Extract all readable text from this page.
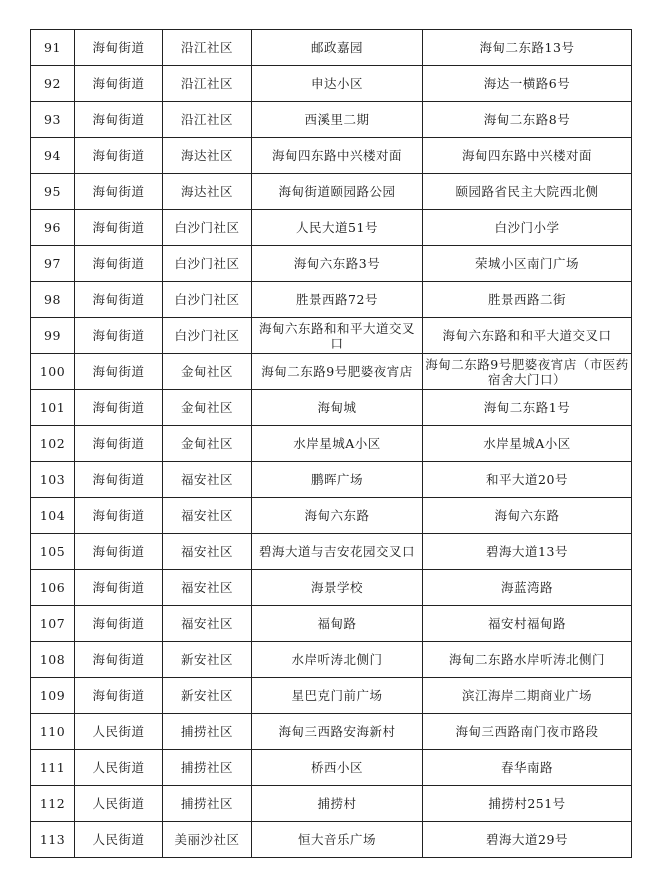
91	海甸街道	沿江社区	邮政嘉园	海甸二东路13号
92	海甸街道	沿江社区	申达小区	海达一横路6号
93	海甸街道	沿江社区	西溪里二期	海甸二东路8号
94	海甸街道	海达社区	海甸四东路中兴楼对面	海甸四东路中兴楼对面
95	海甸街道	海达社区	海甸街道颐园路公园	颐园路省民主大院西北侧
96	海甸街道	白沙门社区	人民大道51号	白沙门小学
97	海甸街道	白沙门社区	海甸六东路3号	荣城小区南门广场
98	海甸街道	白沙门社区	胜景西路72号	胜景西路二街
99	海甸街道	白沙门社区	海甸六东路和和平大道交叉口	海甸六东路和和平大道交叉口
100	海甸街道	金甸社区	海甸二东路9号肥婆夜宵店	海甸二东路9号肥婆夜宵店（市医药宿舍大门口）
101	海甸街道	金甸社区	海甸城	海甸二东路1号
102	海甸街道	金甸社区	水岸星城A小区	水岸星城A小区
103	海甸街道	福安社区	鹏晖广场	和平大道20号
104	海甸街道	福安社区	海甸六东路	海甸六东路
105	海甸街道	福安社区	碧海大道与吉安花园交叉口	碧海大道13号
106	海甸街道	福安社区	海景学校	海蓝湾路
107	海甸街道	福安社区	福甸路	福安村福甸路
108	海甸街道	新安社区	水岸听涛北侧门	海甸二东路水岸听涛北侧门
109	海甸街道	新安社区	星巴克门前广场	滨江海岸二期商业广场
110	人民街道	捕捞社区	海甸三西路安海新村	海甸三西路南门夜市路段
111	人民街道	捕捞社区	桥西小区	春华南路
112	人民街道	捕捞社区	捕捞村	捕捞村251号
113	人民街道	美丽沙社区	恒大音乐广场	碧海大道29号
